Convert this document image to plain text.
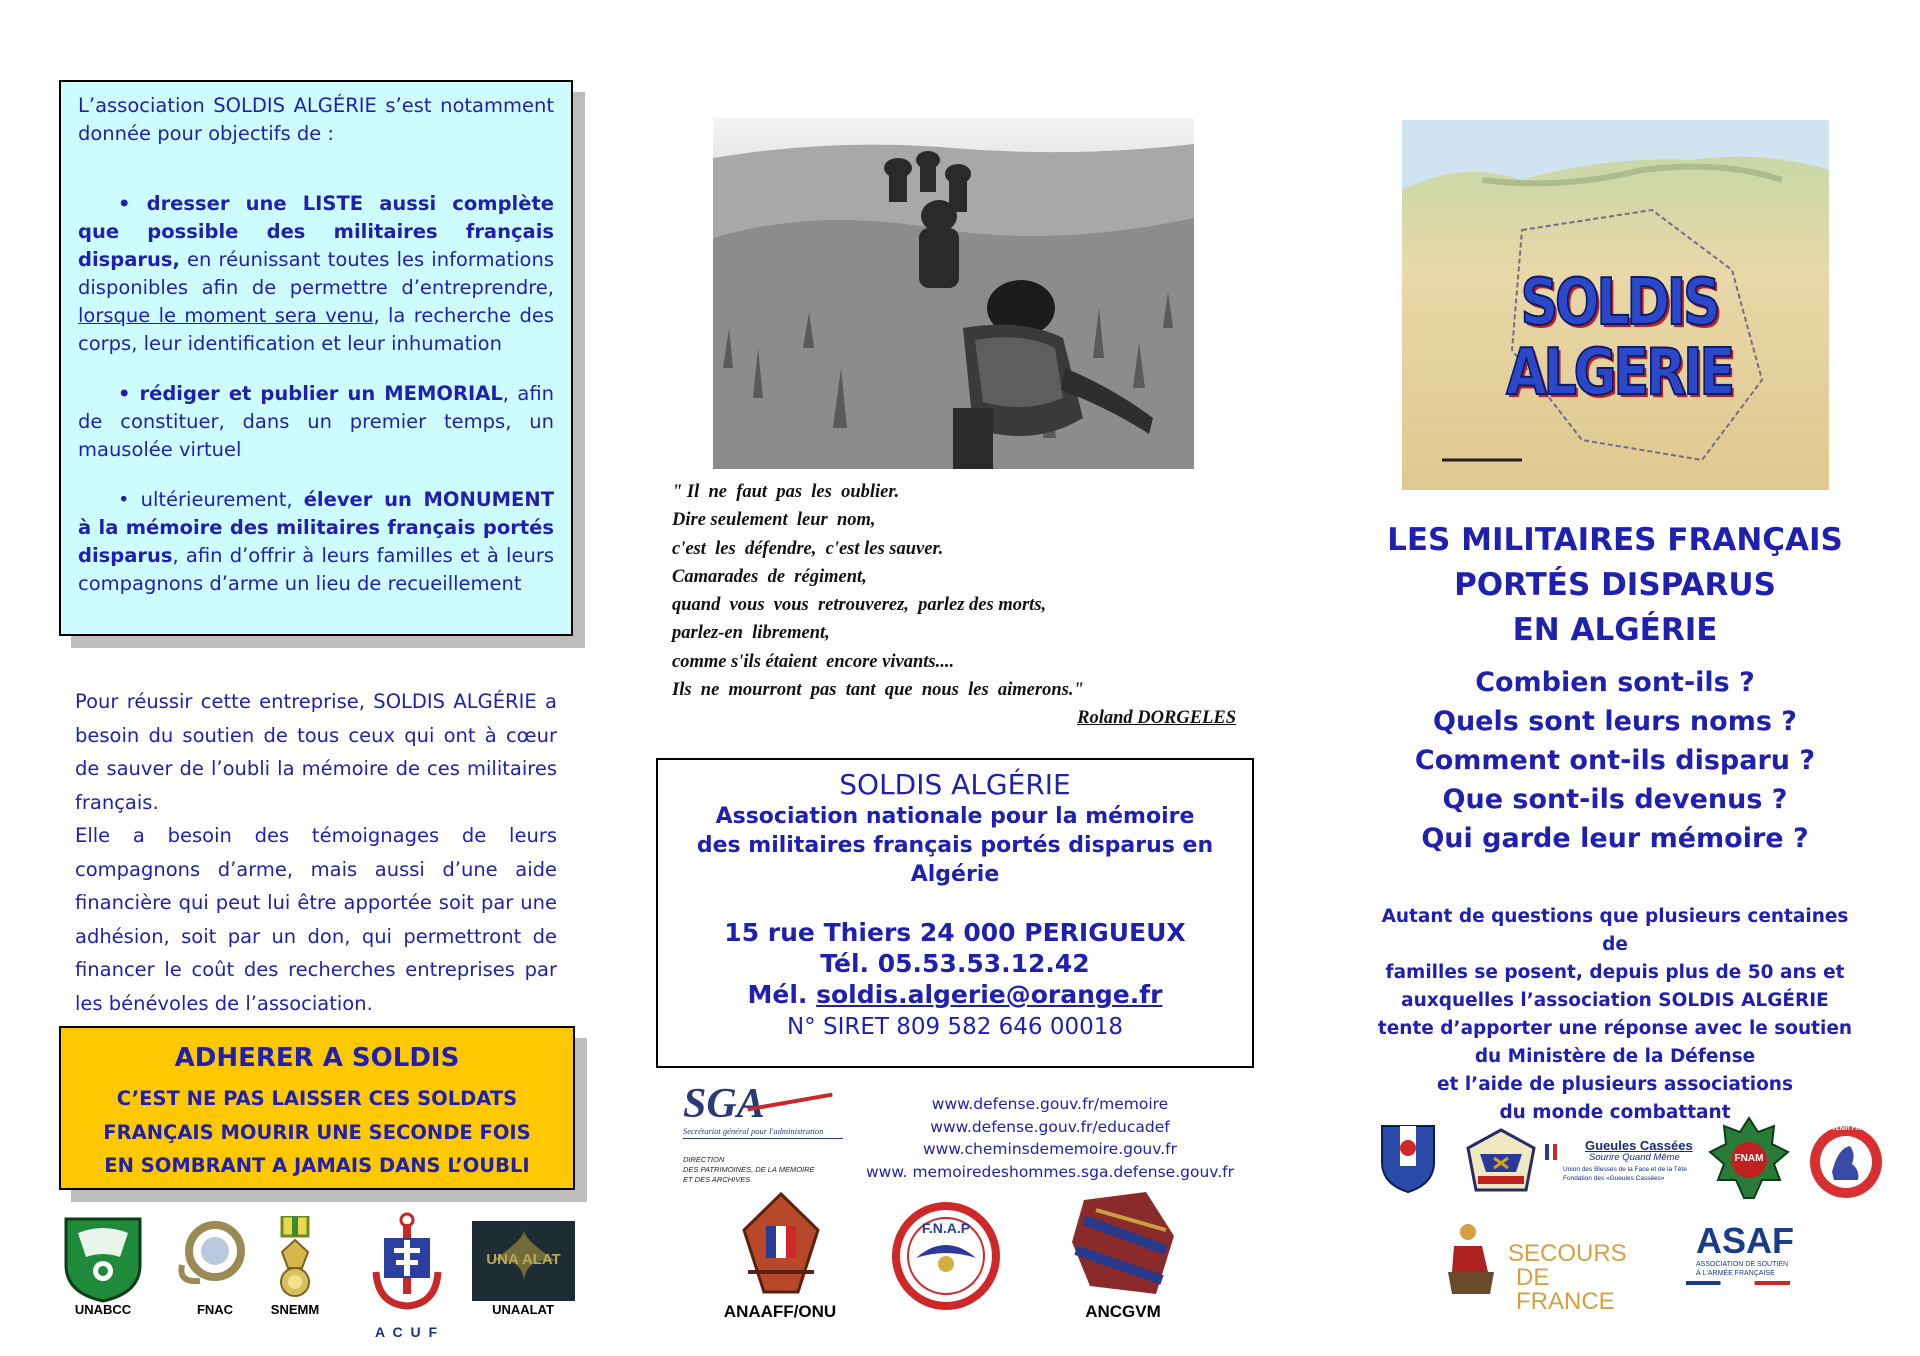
L’association SOLDIS ALGÉRIE s’est notamment donnée pour objectifs de :

• dresser une LISTE aussi complète que possible des militaires français disparus, en réunissant toutes les informations disponibles afin de permettre d’entreprendre, lorsque le moment sera venu, la recherche des corps, leur identification et leur inhumation

• rédiger et publier un MEMORIAL, afin de constituer, dans un premier temps, un mausolée virtuel

• ultérieurement, élever un MONUMENT à la mémoire des militaires français portés disparus, afin d’offrir à leurs familles et à leurs compagnons d’arme un lieu de recueillement

Pour réussir cette entreprise, SOLDIS ALGÉRIE a besoin du soutien de tous ceux qui ont à cœur de sauver de l’oubli la mémoire de ces militaires français.

Elle a besoin des témoignages de leurs compagnons d’arme, mais aussi d’une aide financière qui peut lui être apportée soit par une adhésion, soit par un don, qui permettront de financer le coût des recherches entreprises par les bénévoles de l’association.

ADHERER A SOLDIS
C’EST NE PAS LAISSER CES SOLDATS
FRANÇAIS MOURIR UNE SECONDE FOIS
EN SOMBRANT A JAMAIS DANS L’OUBLI
UNABCC	FNAC	SNEMM
A C U F
UNA ALAT
UNAALAT
" Il  ne  faut  pas  les  oublier.
Dire seulement  leur  nom,
c'est  les  défendre,  c'est les sauver.
Camarades  de  régiment,
quand  vous  vous  retrouverez,  parlez des morts,
parlez-en  librement,
comme s'ils étaient  encore vivants....
Ils  ne  mourront  pas  tant  que  nous  les  aimerons."
Roland DORGELES
SOLDIS ALGÉRIE
Association nationale pour la mémoire
des militaires français portés disparus en
Algérie
15 rue Thiers 24 000 PERIGUEUX
Tél. 05.53.53.12.42
Mél. soldis.algerie@orange.fr
N° SIRET 809 582 646 00018
SGA
Secrétariat général pour l'administration
DIRECTION
DES PATRIMOINES, DE LA MEMOIRE
ET DES ARCHIVES
www.defense.gouv.fr/memoire
www.defense.gouv.fr/educadef
www.cheminsdememoire.gouv.fr
www. memoiredeshommes.sga.defense.gouv.fr
ANAAFF/ONU
F.N.A.P
ANCGVM
SOLDIS ALGERIE
LES MILITAIRES FRANÇAIS
PORTÉS DISPARUS
EN ALGÉRIE
Combien sont-ils ?
Quels sont leurs noms ?
Comment ont-ils disparu ?
Que sont-ils devenus ?
Qui garde leur mémoire ?
Autant de questions que plusieurs centaines de
familles se posent, depuis plus de 50 ans et
auxquelles l’association SOLDIS ALGÉRIE
tente d’apporter une réponse avec le soutien
du Ministère de la Défense
et l’aide de plusieurs associations
du monde combattant
Gueules Cassées
Sourire Quand Même
Union des Blessés de la Face et de la Tête
Fondation des «Gueules Cassées»
FNAM
LE SOUVENIR FRANÇAIS
SECOURS
DE FRANCE
ASAF
ASSOCIATION DE SOUTIEN
À L'ARMÉE FRANÇAISE
